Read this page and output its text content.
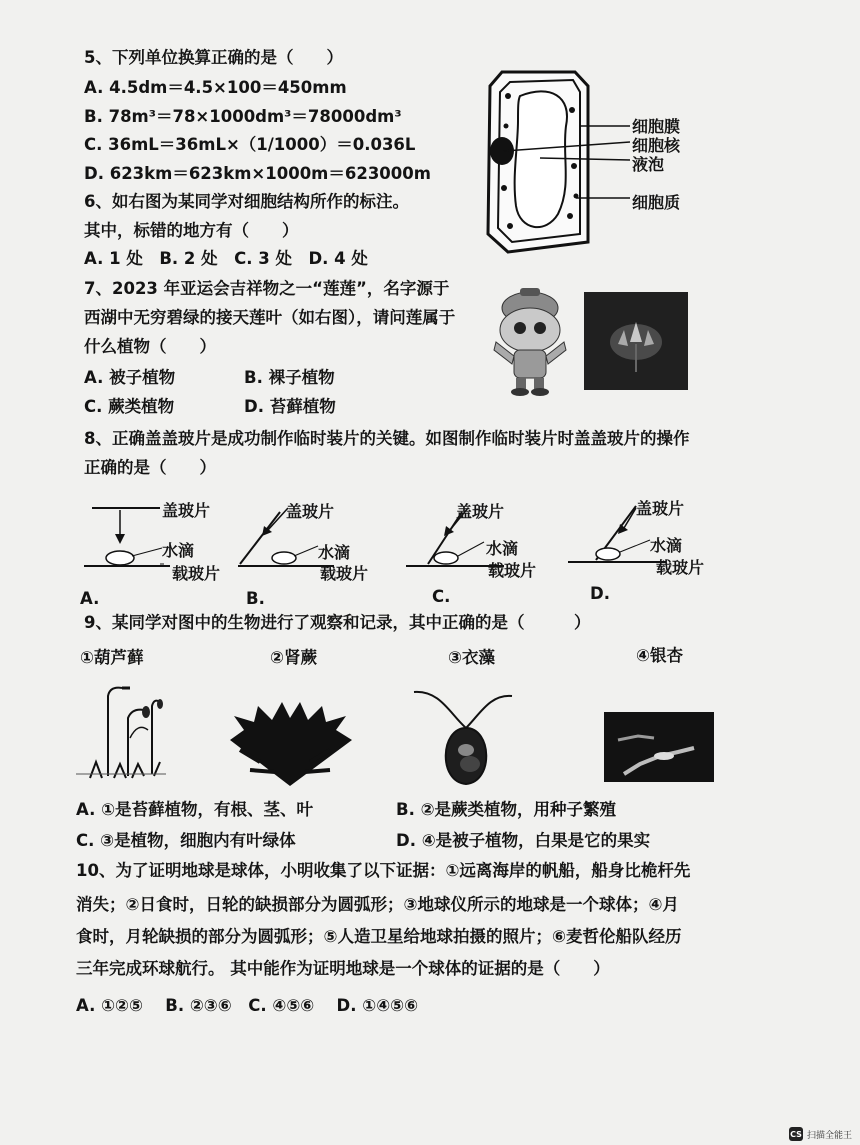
5、下列单位换算正确的是（　　）
A. 4.5dm＝4.5×100＝450mm
B. 78m³＝78×1000dm³＝78000dm³
C. 36mL＝36mL×（1/1000）＝0.036L
D. 623km＝623km×1000m＝623000m
6、如右图为某同学对细胞结构所作的标注。
其中，标错的地方有（　　）
A. 1 处　B. 2 处　C. 3 处　D. 4 处
细胞膜
细胞核
液泡
细胞质
7、2023 年亚运会吉祥物之一“莲莲”，名字源于
西湖中无穷碧绿的接天莲叶（如右图），请问莲属于
什么植物（　　）
A. 被子植物	B. 裸子植物
C. 蕨类植物	D. 苔藓植物
8、正确盖盖玻片是成功制作临时装片的关键。如图制作临时装片时盖盖玻片的操作
正确的是（　　）
盖玻片
水滴
载玻片
A.
盖玻片
水滴
载玻片
B.
盖玻片
水滴
载玻片
C.
盖玻片
水滴
载玻片
D.
9、某同学对图中的生物进行了观察和记录，其中正确的是（　　　）
①葫芦藓	②肾蕨	③衣藻	④银杏
A. ①是苔藓植物，有根、茎、叶	B. ②是蕨类植物，用种子繁殖
C. ③是植物，细胞内有叶绿体	D. ④是被子植物，白果是它的果实
10、为了证明地球是球体，小明收集了以下证据：①远离海岸的帆船，船身比桅杆先
消失；②日食时，日轮的缺损部分为圆弧形；③地球仪所示的地球是一个球体；④月
食时，月轮缺损的部分为圆弧形；⑤人造卫星给地球拍摄的照片；⑥麦哲伦船队经历
三年完成环球航行。 其中能作为证明地球是一个球体的证据的是（　　）
A. ①②⑤　 B. ②③⑥　C. ④⑤⑥　 D. ①④⑤⑥
CS 扫描全能王
